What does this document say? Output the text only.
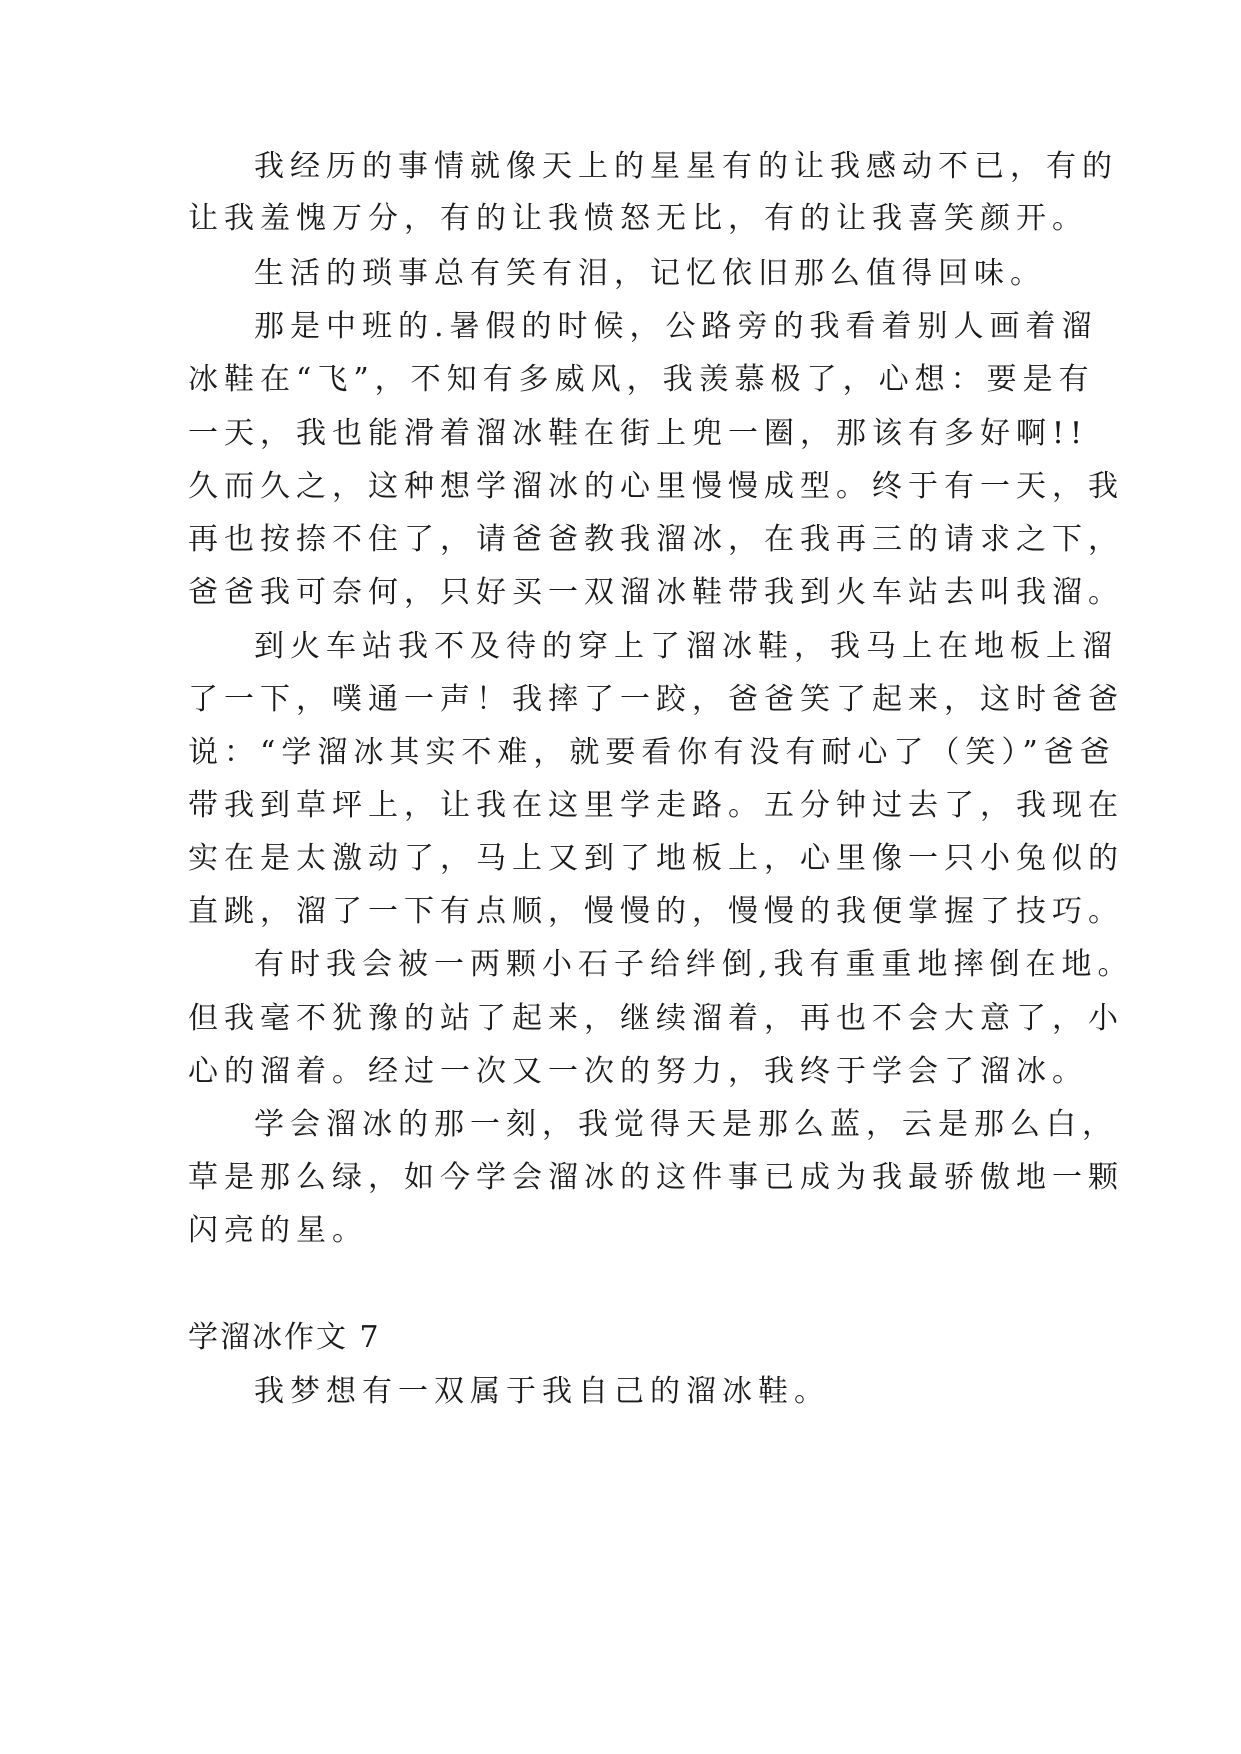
我经历的事情就像天上的星星有的让我感动不已，有的
让我羞愧万分，有的让我愤怒无比，有的让我喜笑颜开。
生活的琐事总有笑有泪，记忆依旧那么值得回味。
那是中班的.暑假的时候，公路旁的我看着别人画着溜
冰鞋在“飞”，不知有多威风，我羡慕极了，心想：要是有
一天，我也能滑着溜冰鞋在街上兜一圈，那该有多好啊!!
久而久之，这种想学溜冰的心里慢慢成型。终于有一天，我
再也按捺不住了，请爸爸教我溜冰，在我再三的请求之下，
爸爸我可奈何，只好买一双溜冰鞋带我到火车站去叫我溜。
到火车站我不及待的穿上了溜冰鞋，我马上在地板上溜
了一下，噗通一声！我摔了一跤，爸爸笑了起来，这时爸爸
说：“学溜冰其实不难，就要看你有没有耐心了（笑）”爸爸
带我到草坪上，让我在这里学走路。五分钟过去了，我现在
实在是太激动了，马上又到了地板上，心里像一只小兔似的
直跳，溜了一下有点顺，慢慢的，慢慢的我便掌握了技巧。
有时我会被一两颗小石子给绊倒,我有重重地摔倒在地。
但我毫不犹豫的站了起来，继续溜着，再也不会大意了，小
心的溜着。经过一次又一次的努力，我终于学会了溜冰。
学会溜冰的那一刻，我觉得天是那么蓝，云是那么白，
草是那么绿，如今学会溜冰的这件事已成为我最骄傲地一颗
闪亮的星。
学溜冰作文 7
我梦想有一双属于我自己的溜冰鞋。
